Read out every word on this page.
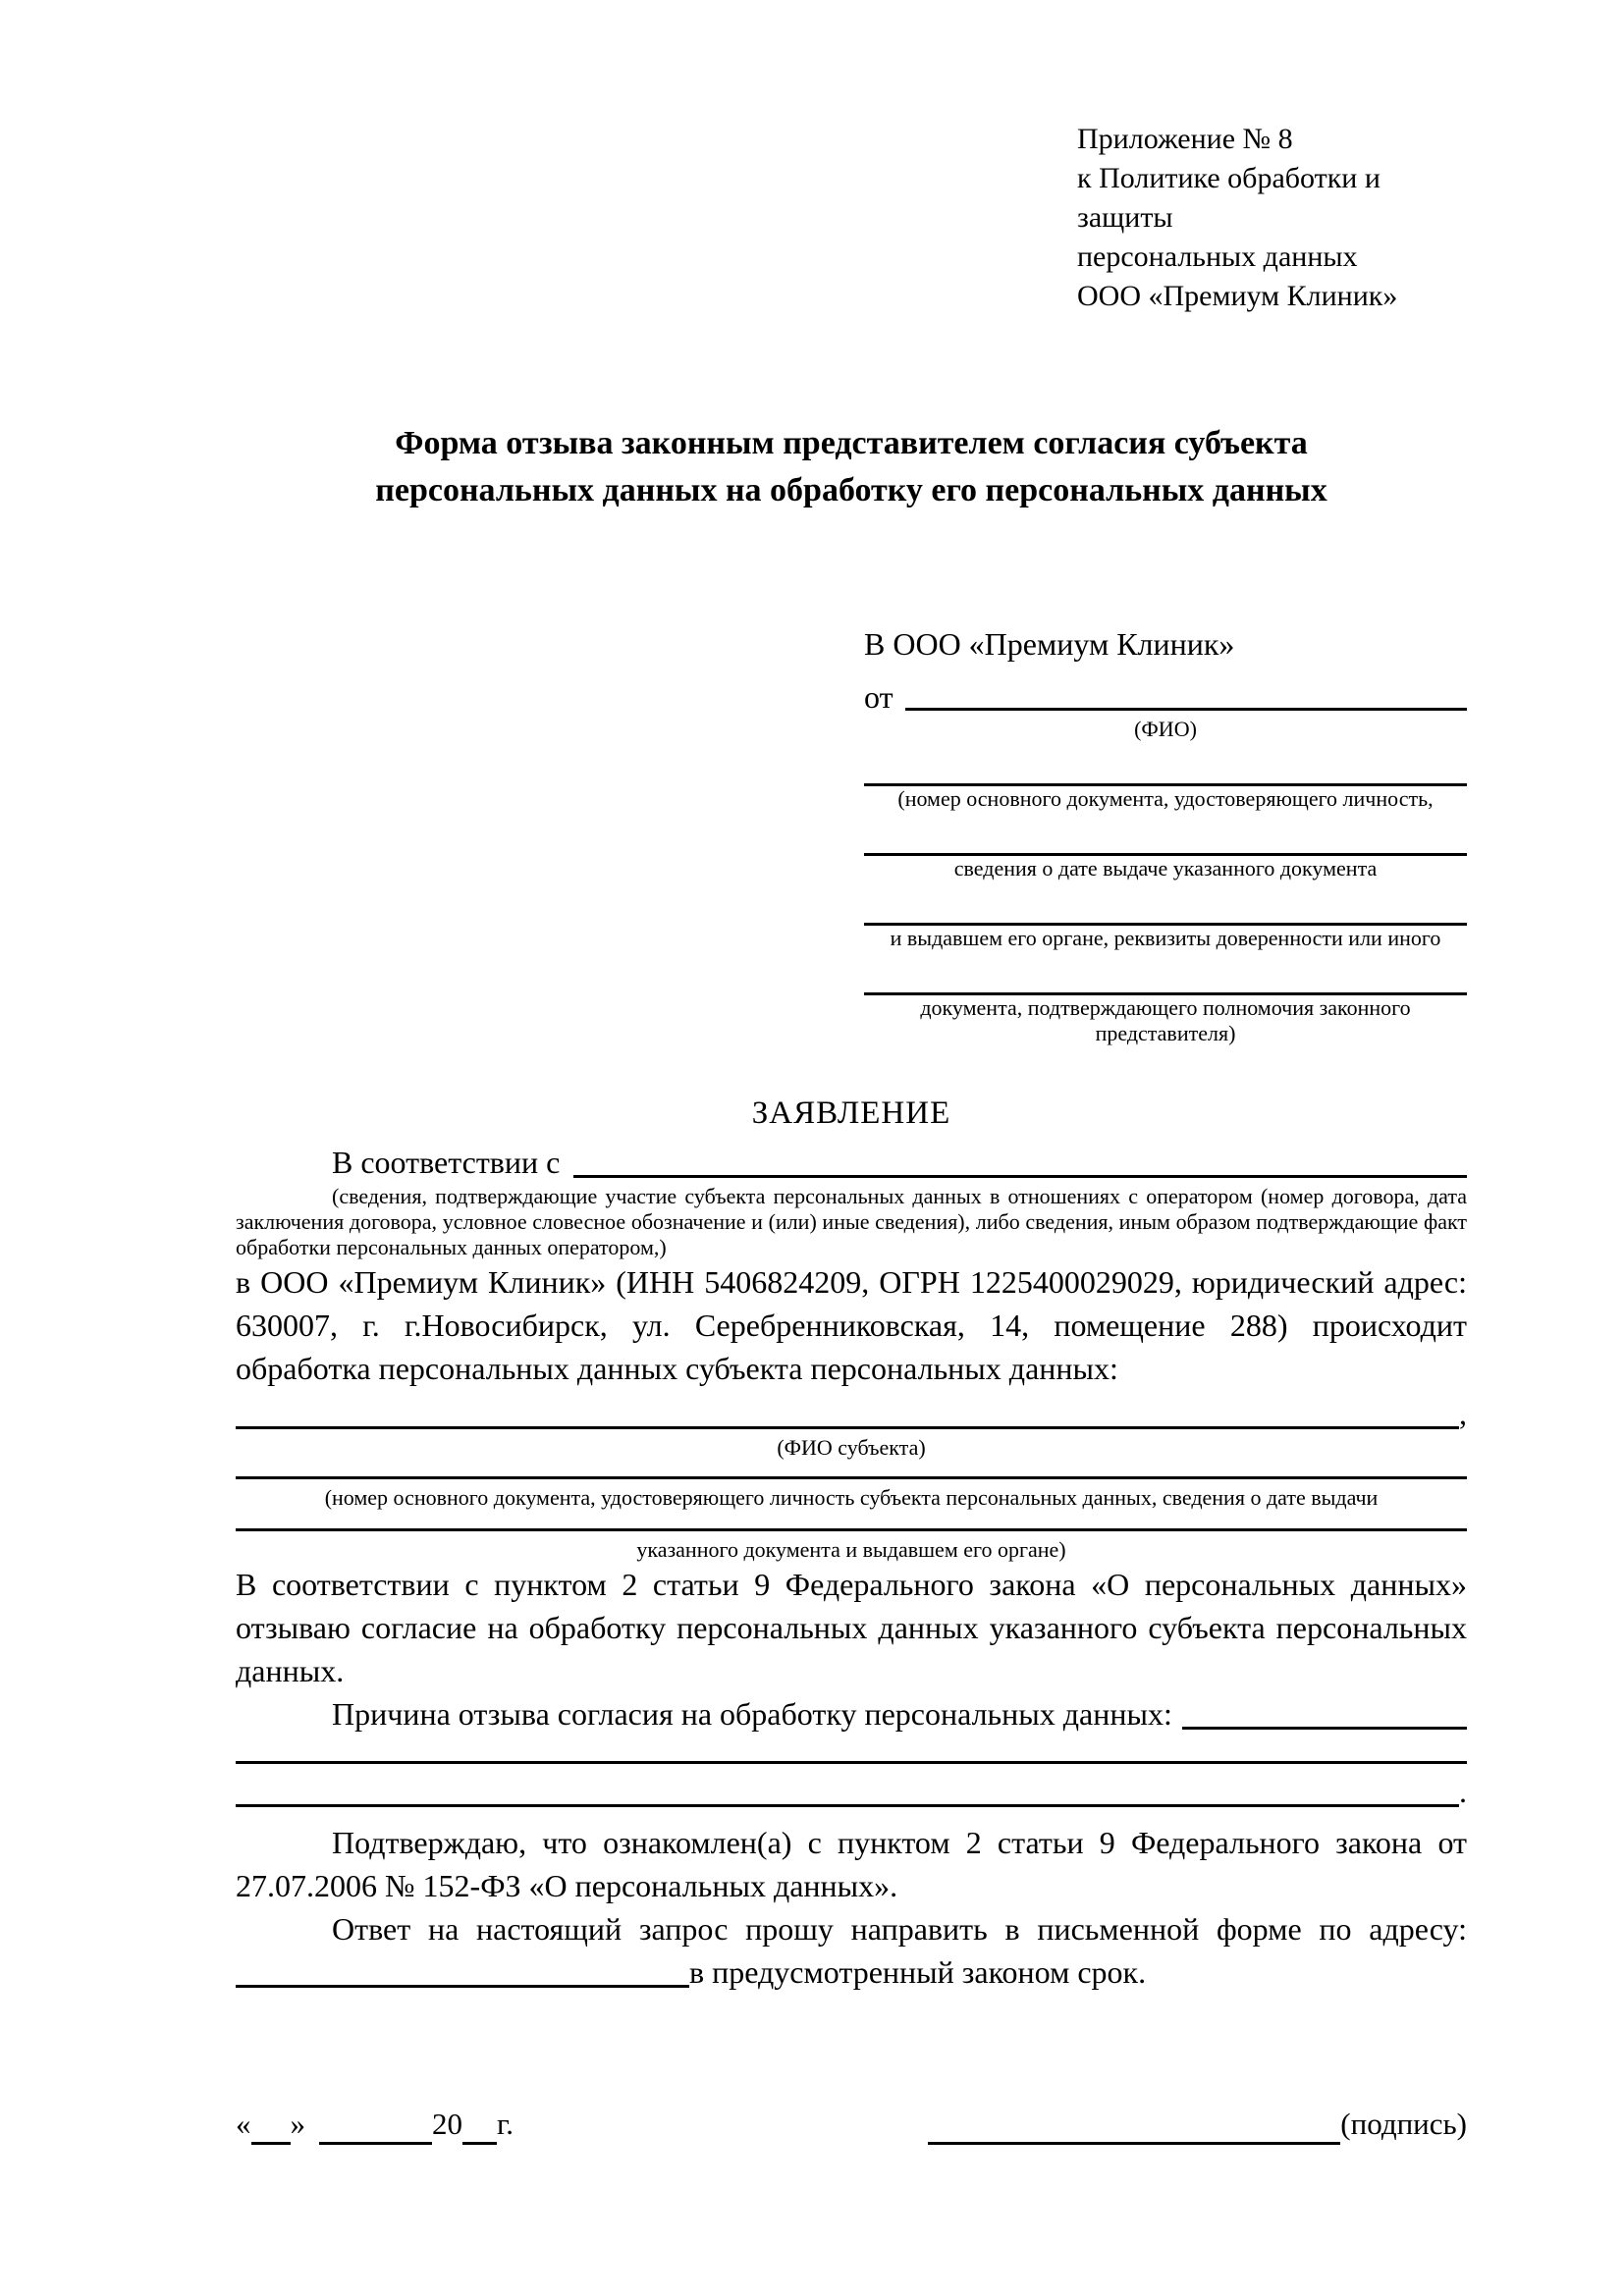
Приложение № 8
к Политике обработки и защиты
персональных данных
ООО «Премиум Клиник»
Форма отзыва законным представителем согласия субъекта
персональных данных на обработку его персональных данных
В ООО «Премиум Клиник»
от
(ФИО)
(номер основного документа, удостоверяющего личность,
сведения о дате выдаче указанного документа
и выдавшем его органе, реквизиты доверенности или иного
документа, подтверждающего полномочия законного представителя)
ЗАЯВЛЕНИЕ
В соответствии с

(сведения, подтверждающие участие субъекта персональных данных в отношениях с оператором (номер договора, дата заключения договора, условное словесное обозначение и (или) иные сведения), либо сведения, иным образом подтверждающие факт обработки персональных данных оператором,)

в ООО «Премиум Клиник» (ИНН 5406824209, ОГРН 1225400029029, юридический адрес: 630007, г. г.Новосибирск, ул. Серебренниковская, 14, помещение 288) происходит обработка персональных данных субъекта персональных данных:

,
(ФИО субъекта)
(номер основного документа, удостоверяющего личность субъекта персональных данных, сведения о дате выдачи
указанного документа и выдавшем его органе)

В соответствии с пунктом 2 статьи 9 Федерального закона «О персональных данных» отзываю согласие на обработку персональных данных указанного субъекта персональных данных.

Причина отзыва согласия на обработку персональных данных:
.

Подтверждаю, что ознакомлен(а) с пунктом 2 статьи 9 Федерального закона от 27.07.2006 № 152-ФЗ «О персональных данных».

Ответ на настоящий запрос прошу направить в письменной форме по адресу:

в предусмотренный законом срок.
« »	20 г.	(подпись)
